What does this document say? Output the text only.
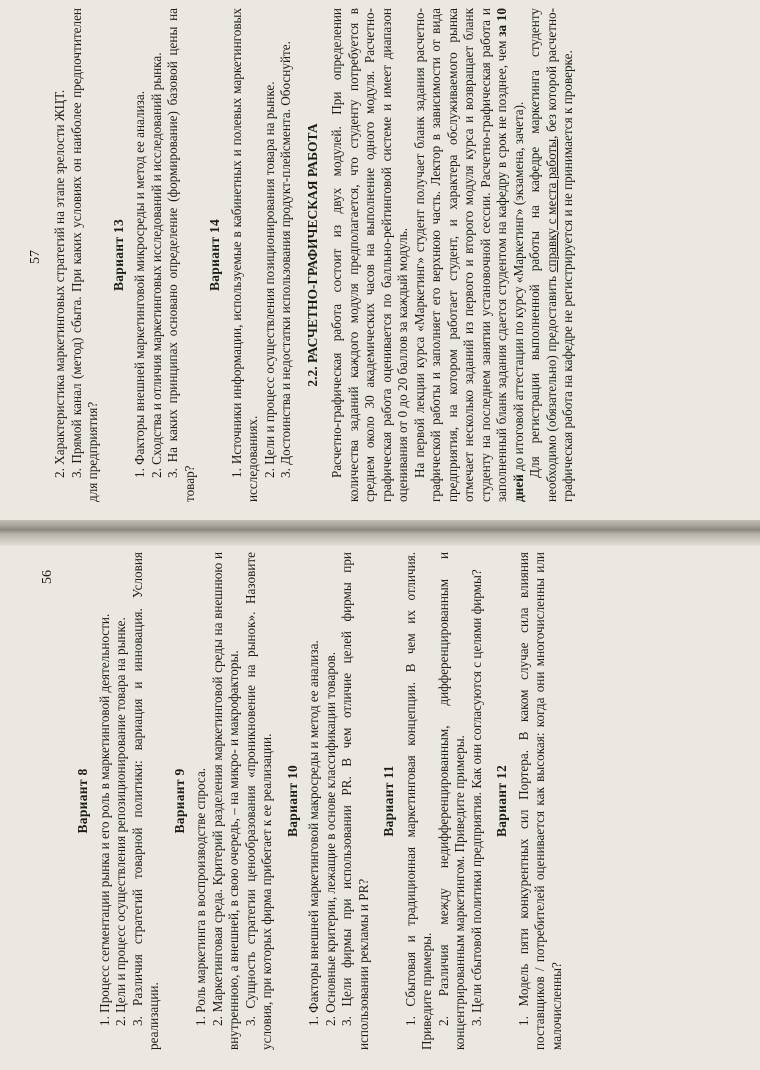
56
Вариант 8 1. Процесс сегментации рынка и его роль в маркетинговой деятельности. 2. Цели и процесс осуществления репозиционирование товара на рынке. 3. Различия стратегий товарной политики: вариация и инновация. Условия реализации.

Вариант 9 1. Роль маркетинга в воспроизводстве спроса. 2. Маркетинговая среда. Критерий разделения маркетинговой среды на внешнюю и внутреннюю, а внешней, в свою очередь, – на микро- и макрофакторы. 3. Сущность стратегии ценообразования «проникновение на рынок». Назовите условия, при которых фирма прибегает к ее реализации. Вариант 10 1. Факторы внешней маркетинговой макросреды и метод ее анализа. 2. Основные критерии, лежащие в основе классификации товаров. 3. Цели фирмы при использовании PR. В чем отличие целей фирмы при использовании рекламы и PR?

Вариант 11 1. Сбытовая и традиционная маркетинговая концепции. В чем их отличия. Приведите примеры. 2. Различия между недифференцированным, дифференцированным и концентрированным маркетингом. Приведите примеры. 3. Цели сбытовой политики предприятия. Как они согласуются с целями фирмы? Вариант 12 1. Модель пяти конкурентных сил Портера. В каком случае сила влияния поставщиков / потребителей оценивается как высокая: когда они многочисленны или малочисленны?

57 2. Характеристика маркетинговых стратегий на этапе зрелости ЖЦТ. 3. Прямой канал (метод) сбыта. При каких условиях он наиболее предпочтителен для предприятия?

Вариант 13 1. Факторы внешней маркетинговой микросреды и метод ее анализа. 2. Сходства и отличия маркетинговых исследований и исследований рынка. 3. На каких принципах основано определение (формирование) базовой цены на товар?

Вариант 14 1. Источники информации, используемые в кабинетных и полевых маркетинговых исследованиях. 2. Цели и процесс осуществления позиционирования товара на рынке. 3. Достоинства и недостатки использования продукт-плейсмента. Обоснуйте. 2.2. РАСЧЕТНО-ГРАФИЧЕСКАЯ РАБОТА Расчетно-графическая работа состоит из двух модулей. При определении количества заданий каждого модуля предполагается, что студенту потребуется в среднем около 30 академических часов на выполнение одного модуля. Расчетно-графическая работа оценивается по балльно-рейтинговой системе и имеет диапазон оценивания от 0 до 20 баллов за каждый модуль. На первой лекции курса «Маркетинг» студент получает бланк задания расчетно-графической работы и заполняет его верхнюю часть. Лектор в зависимости от вида предприятия, на котором работает студент, и характера обслуживаемого рынка отмечает несколько заданий из первого и второго модуля курса и возвращает бланк студенту на последнем занятии установочной сессии. Расчетно-графическая работа и заполненный бланк задания сдается студентом на кафедру в срок не позднее, чем за 10 дней до итоговой аттестации по курсу «Маркетинг» (экзамена, зачета). Для регистрации выполненной работы на кафедре маркетинга студенту необходимо (обязательно) предоставить справку с места работы, без которой расчетно-графическая работа на кафедре не регистрируется и не принимается к проверке.
